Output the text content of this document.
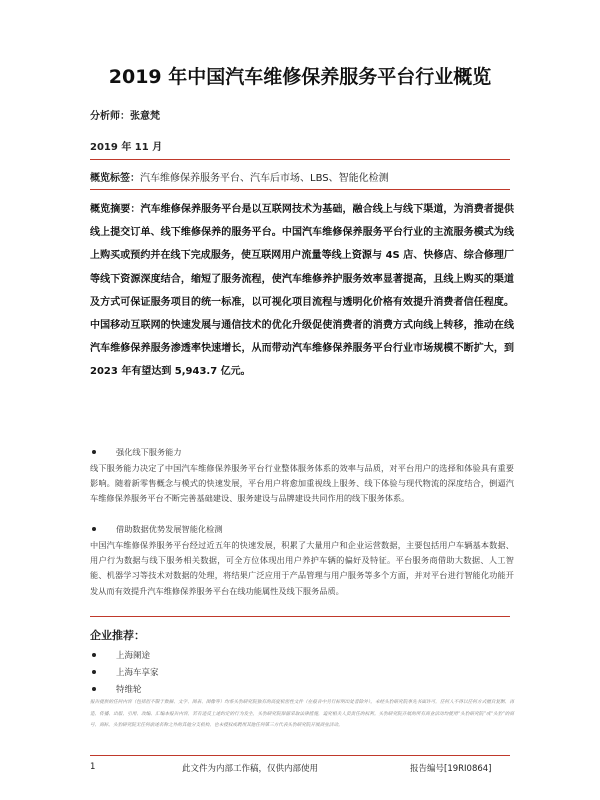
2019 年中国汽车维修保养服务平台行业概览
分析师：张意梵
2019 年 11 月
概览标签：汽车维修保养服务平台、汽车后市场、LBS、智能化检测
概览摘要：汽车维修保养服务平台是以互联网技术为基础，融合线上与线下渠道，为消费者提供线上提交订单、线下维修保养的服务平台。中国汽车维修保养服务平台行业的主流服务模式为线上购买或预约并在线下完成服务，使互联网用户流量等线上资源与 4S 店、快修店、综合修理厂等线下资源深度结合，缩短了服务流程，使汽车维修养护服务效率显著提高，且线上购买的渠道及方式可保证服务项目的统一标准，以可视化项目流程与透明化价格有效提升消费者信任程度。中国移动互联网的快速发展与通信技术的优化升级促使消费者的消费方式向线上转移，推动在线汽车维修保养服务渗透率快速增长，从而带动汽车维修保养服务平台行业市场规模不断扩大，到 2023 年有望达到 5,943.7 亿元。
强化线下服务能力

线下服务能力决定了中国汽车维修保养服务平台行业整体服务体系的效率与品质，对平台用户的选择和体验具有重要影响。随着新零售概念与模式的快速发展，平台用户将愈加重视线上服务、线下体验与现代物流的深度结合，倒逼汽车维修保养服务平台不断完善基础建设、服务建设与品牌建设共同作用的线下服务体系。

借助数据优势发展智能化检测

中国汽车维修保养服务平台经过近五年的快速发展，积累了大量用户和企业运营数据，主要包括用户车辆基本数据、用户行为数据与线下服务相关数据，可全方位体现出用户养护车辆的偏好及特征。平台服务商借助大数据、人工智能、机器学习等技术对数据的处理，将结果广泛应用于产品管理与用户服务等多个方面，并对平台进行智能化功能开发从而有效提升汽车维修保养服务平台在线功能属性及线下服务品质。

企业推荐：
上海阑途
上海车享家
特维轮
报告提供的任何内容（包括但不限于数据、文字、图表、图像等）均系头豹研究院独有的高度机密性文件（在报告中另行标明出处者除外）。未经头豹研究院事先书面许可，任何人不得以任何方式擅自复制、再造、传播、出版、引用、改编、汇编本报告内容，若有违反上述约定的行为发生，头豹研究院保留采取法律措施，追究相关人员责任的权利。头豹研究院开展的所有商业活动均使用“头豹研究院”或“头豹”的商号、商标，头豹研究院无任何前述名称之外的其他分支机构，也未授权或聘用其他任何第三方代表头豹研究院开展商业活动。
1	此文件为内部工作稿，仅供内部使用	报告编号[19RI0864]
